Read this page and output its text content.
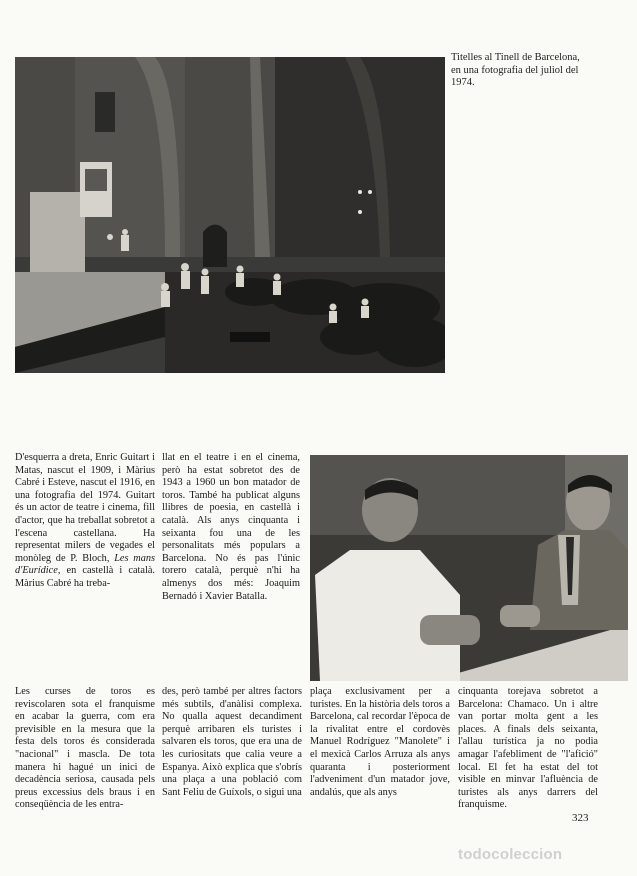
Titelles al Tinell de Barcelona, en una fotografia del juliol del 1974.

D'esquerra a dreta, Enric Guitart i Matas, nascut el 1909, i Màrius Cabré i Esteve, nascut el 1916, en una fotografia del 1974. Guitart és un actor de teatre i cinema, fill d'actor, que ha treballat sobretot a l'escena castellana. Ha representat milers de vegades el monòleg de P. Bloch, Les mans d'Eurídice, en castellà i català. Màrius Cabré ha treba-

llat en el teatre i en el cinema, però ha estat sobretot des de 1943 a 1960 un bon matador de toros. També ha publicat alguns llibres de poesia, en castellà i català. Als anys cinquanta i seixanta fou una de les personalitats més populars a Barcelona. No és pas l'únic torero català, perquè n'hi ha almenys dos més: Joaquim Bernadó i Xavier Batalla.

Les curses de toros es reviscolaren sota el franquisme en acabar la guerra, com era previsible en la mesura que la festa dels toros és considerada "nacional" i mascla. De tota manera hi hagué un inici de decadència seriosa, causada pels preus excessius dels braus i en conseqüència de les entra-

des, però també per altres factors més subtils, d'anàlisi complexa. No qualla aquest decandiment perquè arribaren els turistes i salvaren els toros, que era una de les curiositats que calia veure a Espanya. Això explica que s'obrís una plaça a una població com Sant Feliu de Guíxols, o sigui una

plaça exclusivament per a turistes. En la història dels toros a Barcelona, cal recordar l'època de la rivalitat entre el cordovès Manuel Rodríguez "Manolete" i el mexicà Carlos Arruza als anys quaranta i posteriorment l'adveniment d'un matador jove, andalús, que als anys

cinquanta torejava sobretot a Barcelona: Chamaco. Un i altre van portar molta gent a les places. A finals dels seixanta, l'allau turística ja no podia amagar l'afebliment de "l'afició" local. El fet ha estat del tot visible en minvar l'afluència de turistes als anys darrers del franquisme.

323
todocoleccion
